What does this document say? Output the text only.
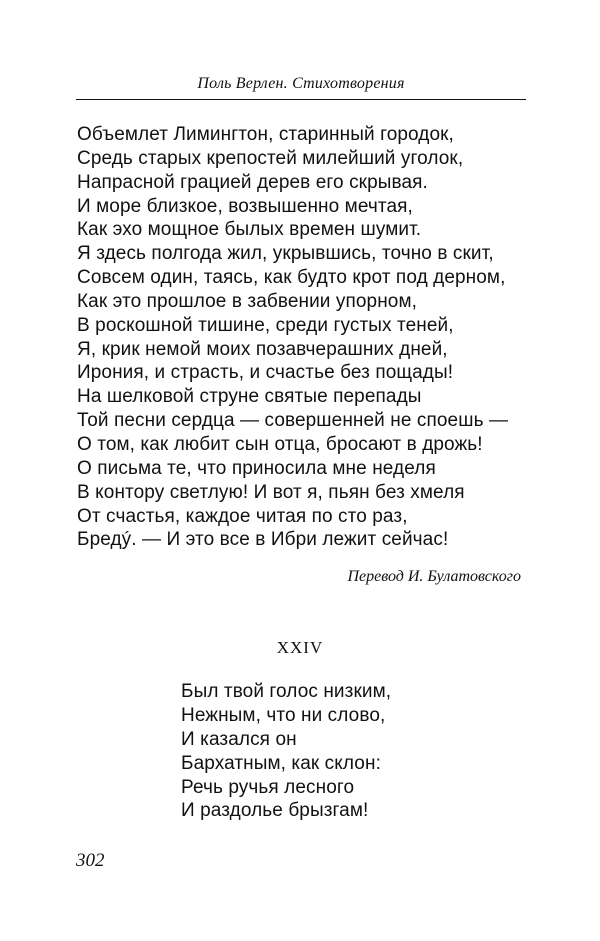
Поль Верлен. Стихотворения
Объемлет Лимингтон, старинный городок,
Средь старых крепостей милейший уголок,
Напрасной грацией дерев его скрывая.
И море близкое, возвышенно мечтая,
Как эхо мощное былых времен шумит.
Я здесь полгода жил, укрывшись, точно в скит,
Совсем один, таясь, как будто крот под дерном,
Как это прошлое в забвении упорном,
В роскошной тишине, среди густых теней,
Я, крик немой моих позавчерашних дней,
Ирония, и страсть, и счастье без пощады!
На шелковой струне святые перепады
Той песни сердца — совершенней не споешь —
О том, как любит сын отца, бросают в дрожь!
О письма те, что приносила мне неделя
В контору светлую! И вот я, пьян без хмеля
От счастья, каждое читая по сто раз,
Бредý. — И это все в Ибри лежит сейчас!
Перевод И. Булатовского
XXIV
Был твой голос низким,
Нежным, что ни слово,
И казался он
Бархатным, как склон:
Речь ручья лесного
И раздолье брызгам!
302
